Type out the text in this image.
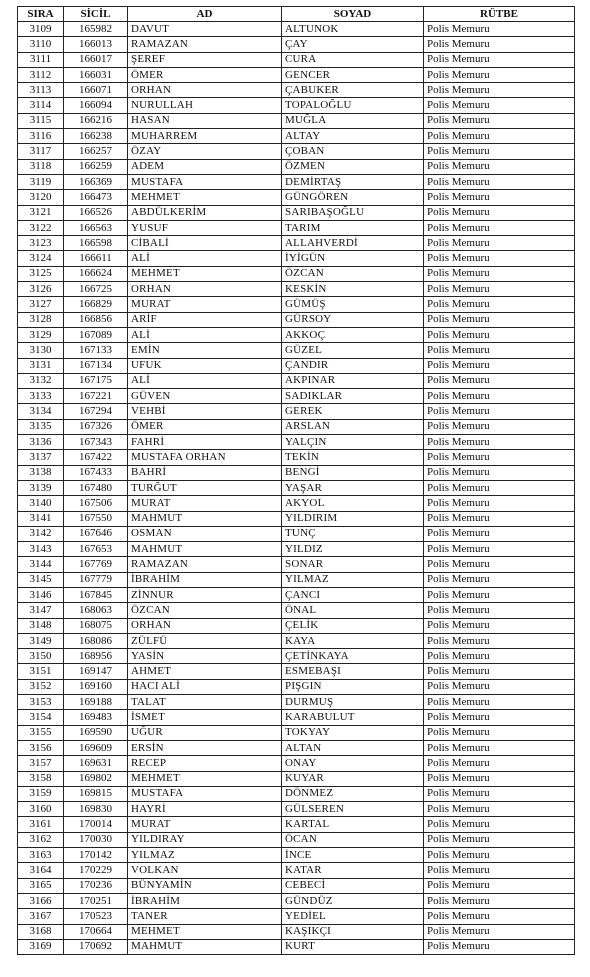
SIRA	SİCİL	AD	SOYAD	RÜTBE
3109	165982	DAVUT	ALTUNOK	Polis Memuru
3110	166013	RAMAZAN	ÇAY	Polis Memuru
3111	166017	ŞEREF	CURA	Polis Memuru
3112	166031	ÖMER	GENCER	Polis Memuru
3113	166071	ORHAN	ÇABUKER	Polis Memuru
3114	166094	NURULLAH	TOPALOĞLU	Polis Memuru
3115	166216	HASAN	MUĞLA	Polis Memuru
3116	166238	MUHARREM	ALTAY	Polis Memuru
3117	166257	ÖZAY	ÇOBAN	Polis Memuru
3118	166259	ADEM	ÖZMEN	Polis Memuru
3119	166369	MUSTAFA	DEMİRTAŞ	Polis Memuru
3120	166473	MEHMET	GÜNGÖREN	Polis Memuru
3121	166526	ABDÜLKERİM	SARIBAŞOĞLU	Polis Memuru
3122	166563	YUSUF	TARIM	Polis Memuru
3123	166598	CİBALİ	ALLAHVERDİ	Polis Memuru
3124	166611	ALİ	İYİGÜN	Polis Memuru
3125	166624	MEHMET	ÖZCAN	Polis Memuru
3126	166725	ORHAN	KESKİN	Polis Memuru
3127	166829	MURAT	GÜMÜŞ	Polis Memuru
3128	166856	ARİF	GÜRSOY	Polis Memuru
3129	167089	ALİ	AKKOÇ	Polis Memuru
3130	167133	EMİN	GÜZEL	Polis Memuru
3131	167134	UFUK	ÇANDIR	Polis Memuru
3132	167175	ALİ	AKPINAR	Polis Memuru
3133	167221	GÜVEN	SADIKLAR	Polis Memuru
3134	167294	VEHBİ	GEREK	Polis Memuru
3135	167326	ÖMER	ARSLAN	Polis Memuru
3136	167343	FAHRİ	YALÇIN	Polis Memuru
3137	167422	MUSTAFA ORHAN	TEKİN	Polis Memuru
3138	167433	BAHRİ	BENGİ	Polis Memuru
3139	167480	TURĞUT	YAŞAR	Polis Memuru
3140	167506	MURAT	AKYOL	Polis Memuru
3141	167550	MAHMUT	YILDIRIM	Polis Memuru
3142	167646	OSMAN	TUNÇ	Polis Memuru
3143	167653	MAHMUT	YILDIZ	Polis Memuru
3144	167769	RAMAZAN	SONAR	Polis Memuru
3145	167779	İBRAHİM	YILMAZ	Polis Memuru
3146	167845	ZİNNUR	ÇANCI	Polis Memuru
3147	168063	ÖZCAN	ÖNAL	Polis Memuru
3148	168075	ORHAN	ÇELİK	Polis Memuru
3149	168086	ZÜLFÜ	KAYA	Polis Memuru
3150	168956	YASİN	ÇETİNKAYA	Polis Memuru
3151	169147	AHMET	ESMEBAŞI	Polis Memuru
3152	169160	HACI ALİ	PIŞGIN	Polis Memuru
3153	169188	TALAT	DURMUŞ	Polis Memuru
3154	169483	İSMET	KARABULUT	Polis Memuru
3155	169590	UĞUR	TOKYAY	Polis Memuru
3156	169609	ERSİN	ALTAN	Polis Memuru
3157	169631	RECEP	ONAY	Polis Memuru
3158	169802	MEHMET	KUYAR	Polis Memuru
3159	169815	MUSTAFA	DÖNMEZ	Polis Memuru
3160	169830	HAYRİ	GÜLSEREN	Polis Memuru
3161	170014	MURAT	KARTAL	Polis Memuru
3162	170030	YILDIRAY	ÖCAN	Polis Memuru
3163	170142	YILMAZ	İNCE	Polis Memuru
3164	170229	VOLKAN	KATAR	Polis Memuru
3165	170236	BÜNYAMİN	CEBECİ	Polis Memuru
3166	170251	İBRAHİM	GÜNDÜZ	Polis Memuru
3167	170523	TANER	YEDİEL	Polis Memuru
3168	170664	MEHMET	KAŞIKÇI	Polis Memuru
3169	170692	MAHMUT	KURT	Polis Memuru
